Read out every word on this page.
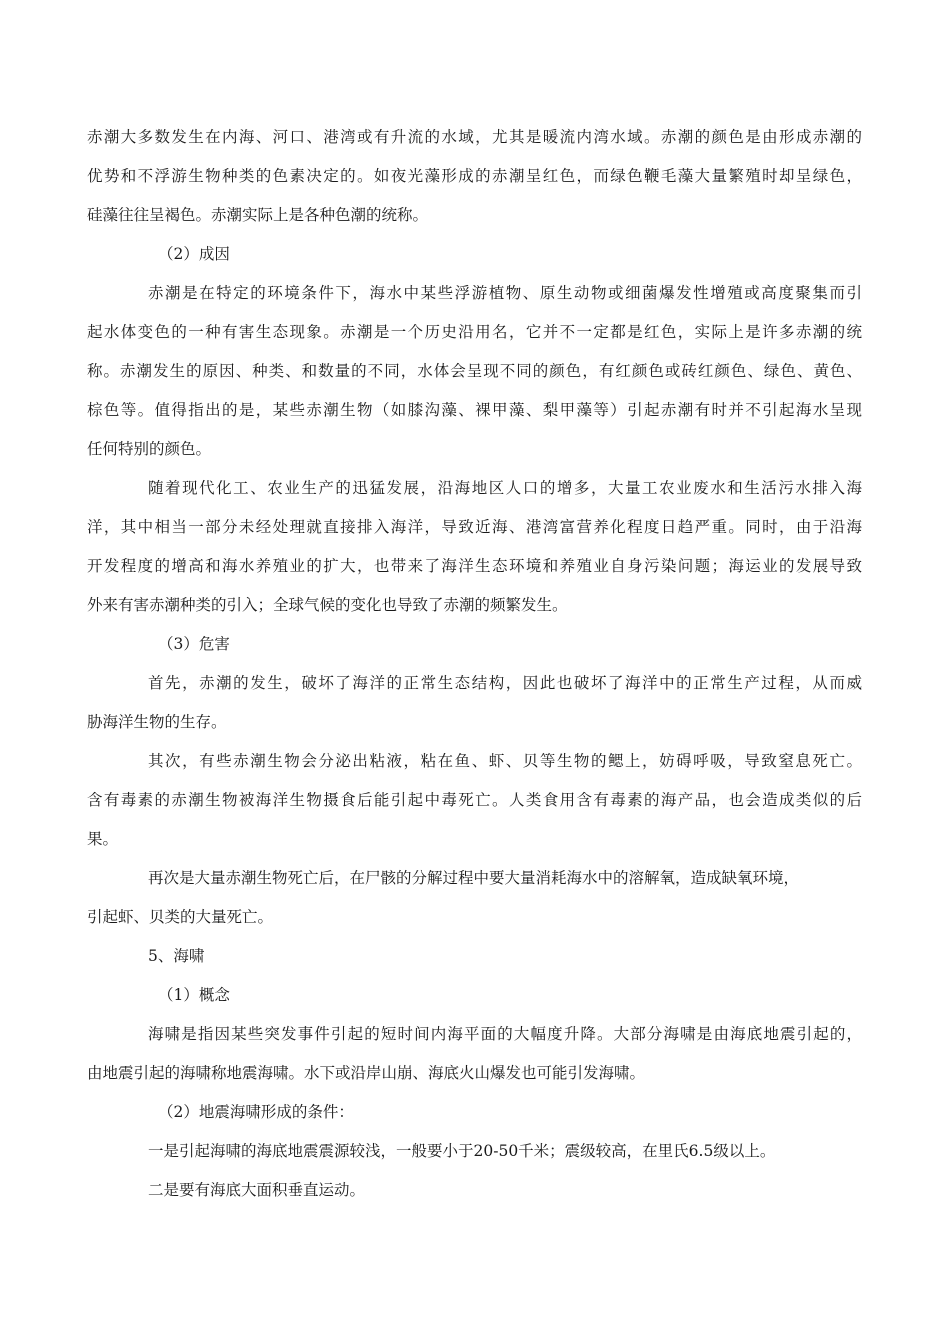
赤潮大多数发生在内海、河口、港湾或有升流的水域，尤其是暖流内湾水域。赤潮的颜色是由形成赤潮的
优势和不浮游生物种类的色素决定的。如夜光藻形成的赤潮呈红色，而绿色鞭毛藻大量繁殖时却呈绿色，
硅藻往往呈褐色。赤潮实际上是各种色潮的统称。
（2）成因
赤潮是在特定的环境条件下，海水中某些浮游植物、原生动物或细菌爆发性增殖或高度聚集而引
起水体变色的一种有害生态现象。赤潮是一个历史沿用名，它并不一定都是红色，实际上是许多赤潮的统
称。赤潮发生的原因、种类、和数量的不同，水体会呈现不同的颜色，有红颜色或砖红颜色、绿色、黄色、
棕色等。值得指出的是，某些赤潮生物（如膝沟藻、裸甲藻、梨甲藻等）引起赤潮有时并不引起海水呈现
任何特别的颜色。
随着现代化工、农业生产的迅猛发展，沿海地区人口的增多，大量工农业废水和生活污水排入海
洋，其中相当一部分未经处理就直接排入海洋，导致近海、港湾富营养化程度日趋严重。同时，由于沿海
开发程度的增高和海水养殖业的扩大，也带来了海洋生态环境和养殖业自身污染问题；海运业的发展导致
外来有害赤潮种类的引入；全球气候的变化也导致了赤潮的频繁发生。
（3）危害
首先，赤潮的发生，破坏了海洋的正常生态结构，因此也破坏了海洋中的正常生产过程，从而威
胁海洋生物的生存。
其次，有些赤潮生物会分泌出粘液，粘在鱼、虾、贝等生物的鳃上，妨碍呼吸，导致窒息死亡。
含有毒素的赤潮生物被海洋生物摄食后能引起中毒死亡。人类食用含有毒素的海产品，也会造成类似的后
果。
再次是大量赤潮生物死亡后，在尸骸的分解过程中要大量消耗海水中的溶解氧，造成缺氧环境，
引起虾、贝类的大量死亡。
5、海啸
（1）概念
海啸是指因某些突发事件引起的短时间内海平面的大幅度升降。大部分海啸是由海底地震引起的，
由地震引起的海啸称地震海啸。水下或沿岸山崩、海底火山爆发也可能引发海啸。
（2）地震海啸形成的条件：
一是引起海啸的海底地震震源较浅，一般要小于20-50千米；震级较高，在里氏6.5级以上。
二是要有海底大面积垂直运动。
